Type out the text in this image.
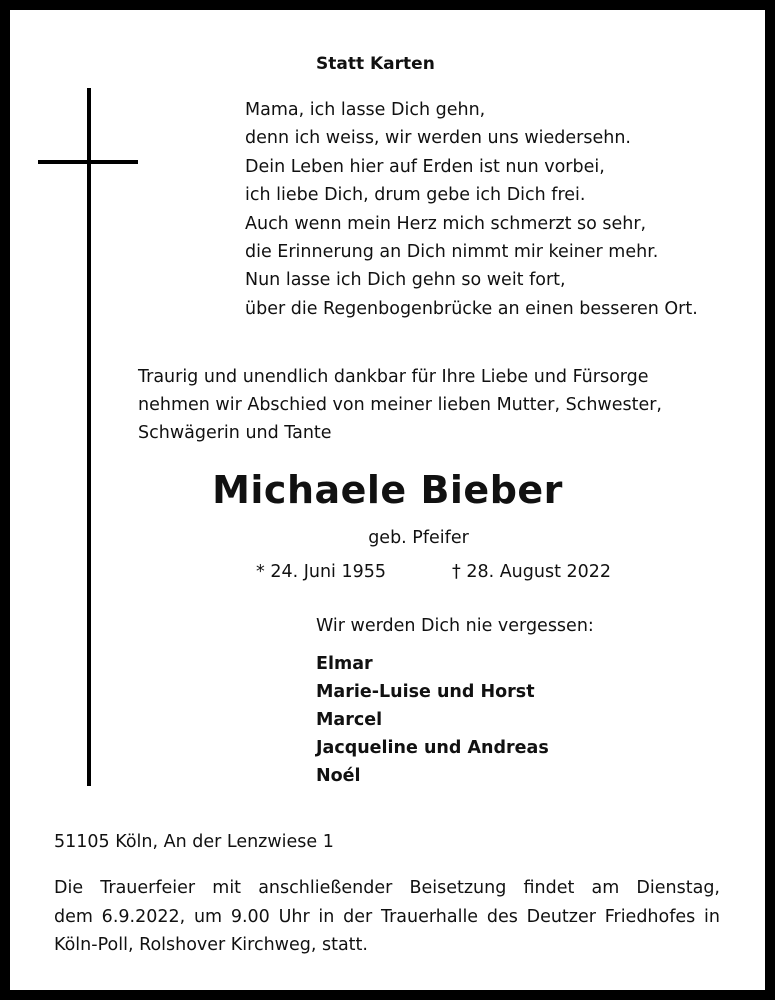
Statt Karten
Mama, ich lasse Dich gehn,
denn ich weiss, wir werden uns wiedersehn.
Dein Leben hier auf Erden ist nun vorbei,
ich liebe Dich, drum gebe ich Dich frei.
Auch wenn mein Herz mich schmerzt so sehr,
die Erinnerung an Dich nimmt mir keiner mehr.
Nun lasse ich Dich gehn so weit fort,
über die Regenbogenbrücke an einen besseren Ort.
Traurig und unendlich dankbar für Ihre Liebe und Fürsorge
nehmen wir Abschied von meiner lieben Mutter, Schwester,
Schwägerin und Tante
Michaele Bieber
geb. Pfeifer
* 24. Juni 1955	† 28. August 2022
Wir werden Dich nie vergessen:
Elmar
Marie-Luise und Horst
Marcel
Jacqueline und Andreas
Noél
51105 Köln, An der Lenzwiese 1
Die Trauerfeier mit anschließender Beisetzung findet am Dienstag,
dem 6.9.2022, um 9.00 Uhr in der Trauerhalle des Deutzer Friedhofes in
Köln-Poll, Rolshover Kirchweg, statt.
